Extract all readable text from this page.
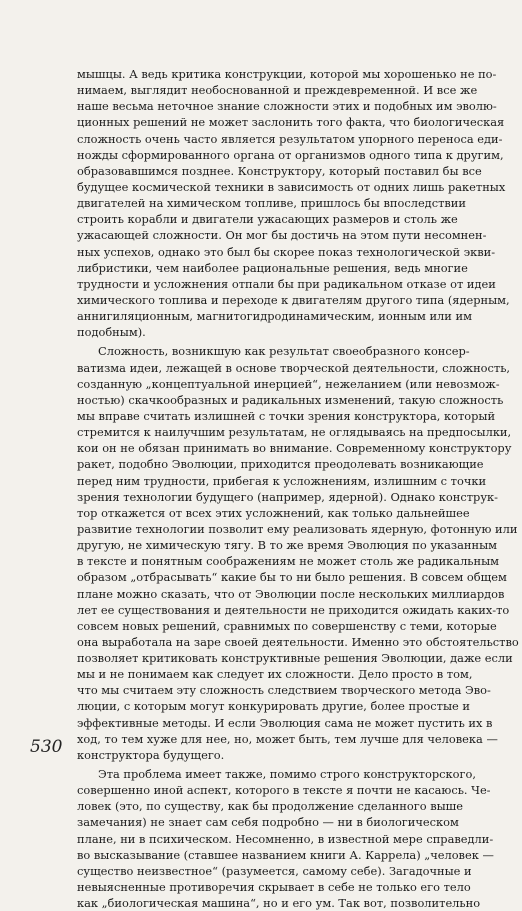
мышцы. А ведь критика конструкции, которой мы хорошенько не по-
нимаем, выглядит необоснованной и преждевременной. И все же
наше весьма неточное знание сложности этих и подобных им эволю-
ционных решений не может заслонить того факта, что биологическая
сложность очень часто является результатом упорного переноса еди-
ножды сформированного органа от организмов одного типа к другим,
образовавшимся позднее. Конструктору, который поставил бы все
будущее космической техники в зависимость от одних лишь ракетных
двигателей на химическом топливе, пришлось бы впоследствии
строить корабли и двигатели ужасающих размеров и столь же
ужасающей сложности. Он мог бы достичь на этом пути несомнен-
ных успехов, однако это был бы скорее показ технологической экви-
либристики, чем наиболее рациональные решения, ведь многие
трудности и усложнения отпали бы при радикальном отказе от идеи
химического топлива и переходе к двигателям другого типа (ядерным,
аннигиляционным, магнитогидродинамическим, ионным или им
подобным).
Сложность, возникшую как результат своеобразного консер-
ватизма идеи, лежащей в основе творческой деятельности, сложность,
созданную „концептуальной инерцией“, нежеланием (или невозмож-
ностью) скачкообразных и радикальных изменений, такую сложность
мы вправе считать излишней с точки зрения конструктора, который
стремится к наилучшим результатам, не оглядываясь на предпосылки,
кои он не обязан принимать во внимание. Современному конструктору
ракет, подобно Эволюции, приходится преодолевать возникающие
перед ним трудности, прибегая к усложнениям, излишним с точки
зрения технологии будущего (например, ядерной). Однако конструк-
тор откажется от всех этих усложнений, как только дальнейшее
развитие технологии позволит ему реализовать ядерную, фотонную или
другую, не химическую тягу. В то же время Эволюция по указанным
в тексте и понятным соображениям не может столь же радикальным
образом „отбрасывать“ какие бы то ни было решения. В совсем общем
плане можно сказать, что от Эволюции после нескольких миллиардов
лет ее существования и деятельности не приходится ожидать каких-то
совсем новых решений, сравнимых по совершенству с теми, которые
она выработала на заре своей деятельности. Именно это обстоятельство
позволяет критиковать конструктивные решения Эволюции, даже если
мы и не понимаем как следует их сложности. Дело просто в том,
что мы считаем эту сложность следствием творческого метода Эво-
люции, с которым могут конкурировать другие, более простые и
эффективные методы. И если Эволюция сама не может пустить их в
ход, то тем хуже для нее, но, может быть, тем лучше для человека —
конструктора будущего.
Эта проблема имеет также, помимо строго конструкторского,
совершенно иной аспект, которого в тексте я почти не касаюсь. Че-
ловек (это, по существу, как бы продолжение сделанного выше
замечания) не знает сам себя подробно — ни в биологическом
плане, ни в психическом. Несомненно, в известной мере справедли-
во высказывание (ставшее названием книги А. Каррела) „человек —
существо неизвестное“ (разумеется, самому себе). Загадочные и
невыясненные противоречия скрывает в себе не только его тело
как „биологическая машина“, но и его ум. Так вот, позволительно
530
